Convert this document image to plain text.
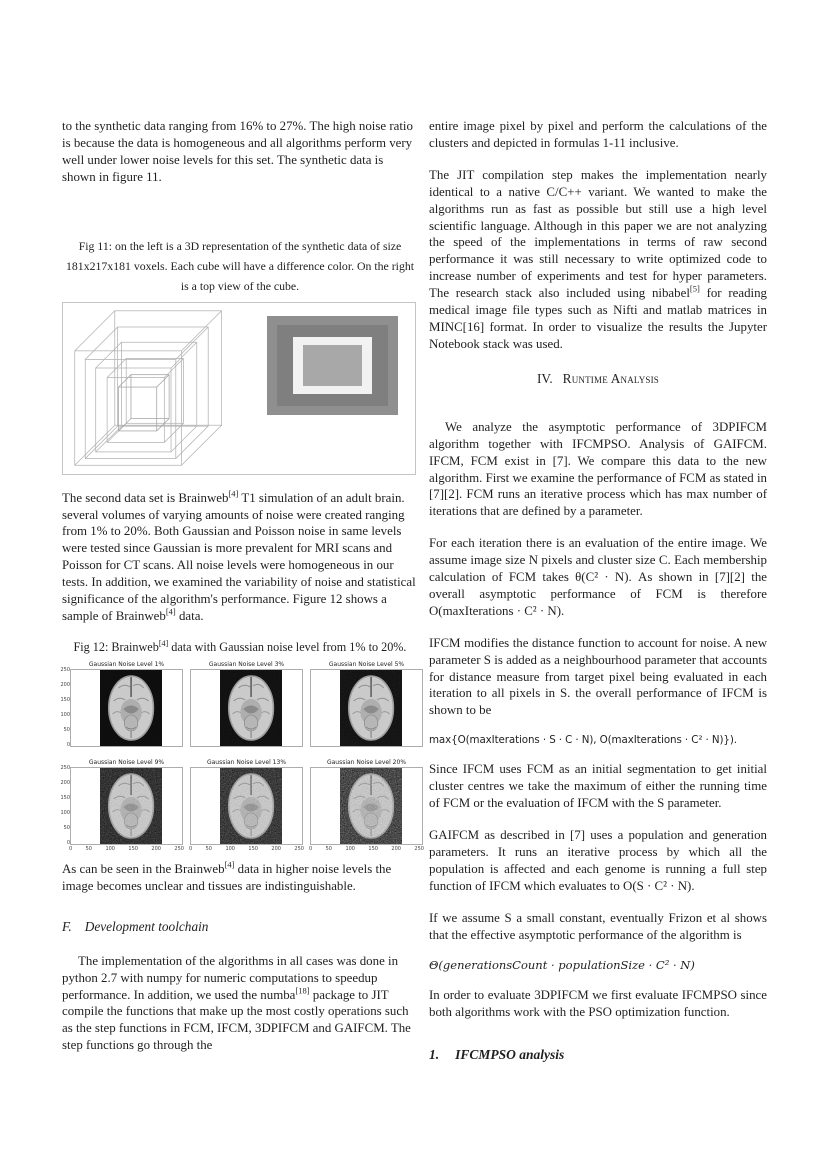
to the synthetic data ranging from 16% to 27%. The high noise ratio is because the data is homogeneous and all algorithms perform very well under lower noise levels for this set. The synthetic data is shown in figure 11.

Fig 11: on the left is a 3D representation of the synthetic data of size 181x217x181 voxels. Each cube will have a difference color. On the right is a top view of the cube.

The second data set is Brainweb[4] T1 simulation of an adult brain. several volumes of varying amounts of noise were created ranging from 1% to 20%. Both Gaussian and Poisson noise in same levels were tested since Gaussian is more prevalent for MRI scans and Poisson for CT scans. All noise levels were homogeneous in our tests. In addition, we examined the variability of noise and statistical significance of the algorithm's performance. Figure 12 shows a sample of Brainweb[4] data.

Fig 12: Brainweb[4] data with Gaussian noise level from 1% to 20%.
Gaussian Noise Level 1%
250
200
150
100
50
0
Gaussian Noise Level 3%	Gaussian Noise Level 5%
Gaussian Noise Level 9%
250
200
150
100
50
0
0	50	100	150	200	250
Gaussian Noise Level 13%
0	50	100	150	200	250
Gaussian Noise Level 20%
0	50	100	150	200	250

As can be seen in the Brainweb[4] data in higher noise levels the image becomes unclear and tissues are indistinguishable.

F. Development toolchain

The implementation of the algorithms in all cases was done in python 2.7 with numpy for numeric computations to speedup performance. In addition, we used the numba[18] package to JIT compile the functions that make up the most costly operations such as the step functions in FCM, IFCM, 3DPIFCM and GAIFCM. The step functions go through the

entire image pixel by pixel and perform the calculations of the clusters and depicted in formulas 1-11 inclusive.

The JIT compilation step makes the implementation nearly identical to a native C/C++ variant. We wanted to make the algorithms run as fast as possible but still use a high level scientific language. Although in this paper we are not analyzing the speed of the implementations in terms of raw second performance it was still necessary to write optimized code to increase number of experiments and test for hyper parameters. The research stack also included using nibabel[5] for reading medical image file types such as Nifti and matlab matrices in MINC[16] format. In order to visualize the results the Jupyter Notebook stack was used.

IV. Runtime Analysis

We analyze the asymptotic performance of 3DPIFCM algorithm together with IFCMPSO. Analysis of GAIFCM. IFCM, FCM exist in [7]. We compare this data to the new algorithm. First we examine the performance of FCM as stated in [7][2]. FCM runs an iterative process which has max number of iterations that are defined by a parameter.

For each iteration there is an evaluation of the entire image. We assume image size N pixels and cluster size C. Each membership calculation of FCM takes θ(C² · N). As shown in [7][2] the overall asymptotic performance of FCM is therefore O(maxIterations · C² · N).

IFCM modifies the distance function to account for noise. A new parameter S is added as a neighbourhood parameter that accounts for distance measure from target pixel being evaluated in each iteration to all pixels in S. the overall performance of IFCM is shown to be

max{O(maxIterations · S · C · N), O(maxIterations · C² · N)}).

Since IFCM uses FCM as an initial segmentation to get initial cluster centres we take the maximum of either the running time of FCM or the evaluation of IFCM with the S parameter.

GAIFCM as described in [7] uses a population and generation parameters. It runs an iterative process by which all the population is affected and each genome is running a full step function of IFCM which evaluates to O(S · C² · N).

If we assume S a small constant, eventually Frizon et al shows that the effective asymptotic performance of the algorithm is

Θ(generationsCount · populationSize · C² · N)

In order to evaluate 3DPIFCM we first evaluate IFCMPSO since both algorithms work with the PSO optimization function.

1. IFCMPSO analysis
